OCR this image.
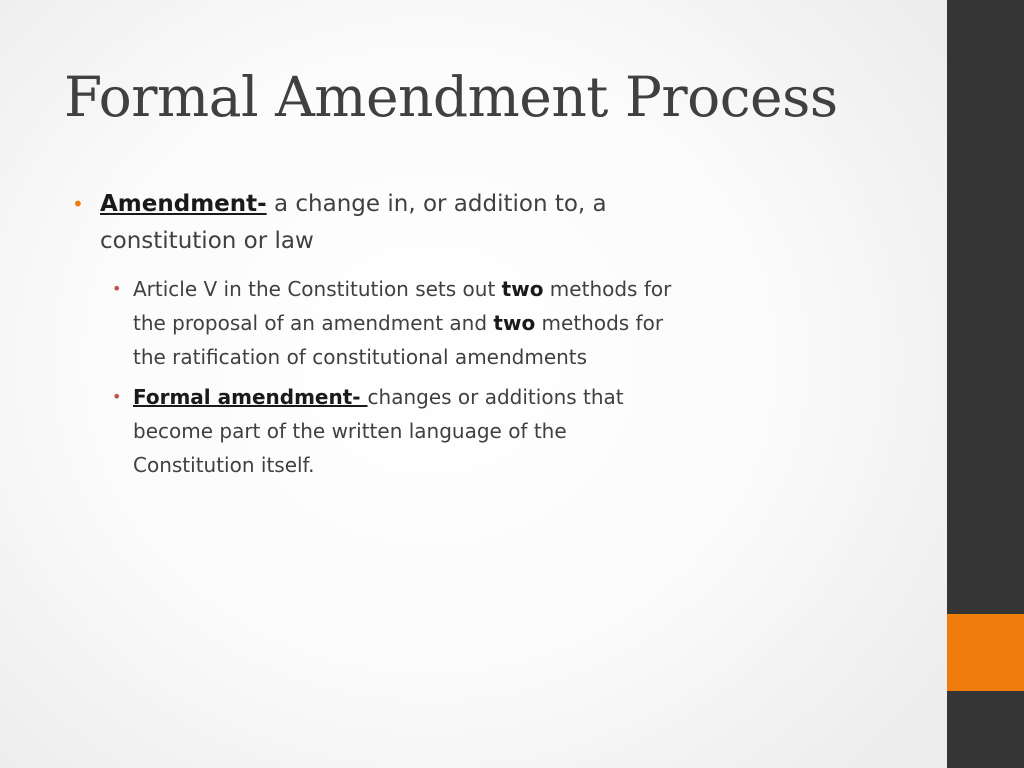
Formal Amendment Process
• Amendment- a change in, or addition to, a constitution or law
• Article V in the Constitution sets out two methods for the proposal of an amendment and two methods for the ratification of constitutional amendments
• Formal amendment- changes or additions that become part of the written language of the Constitution itself.
